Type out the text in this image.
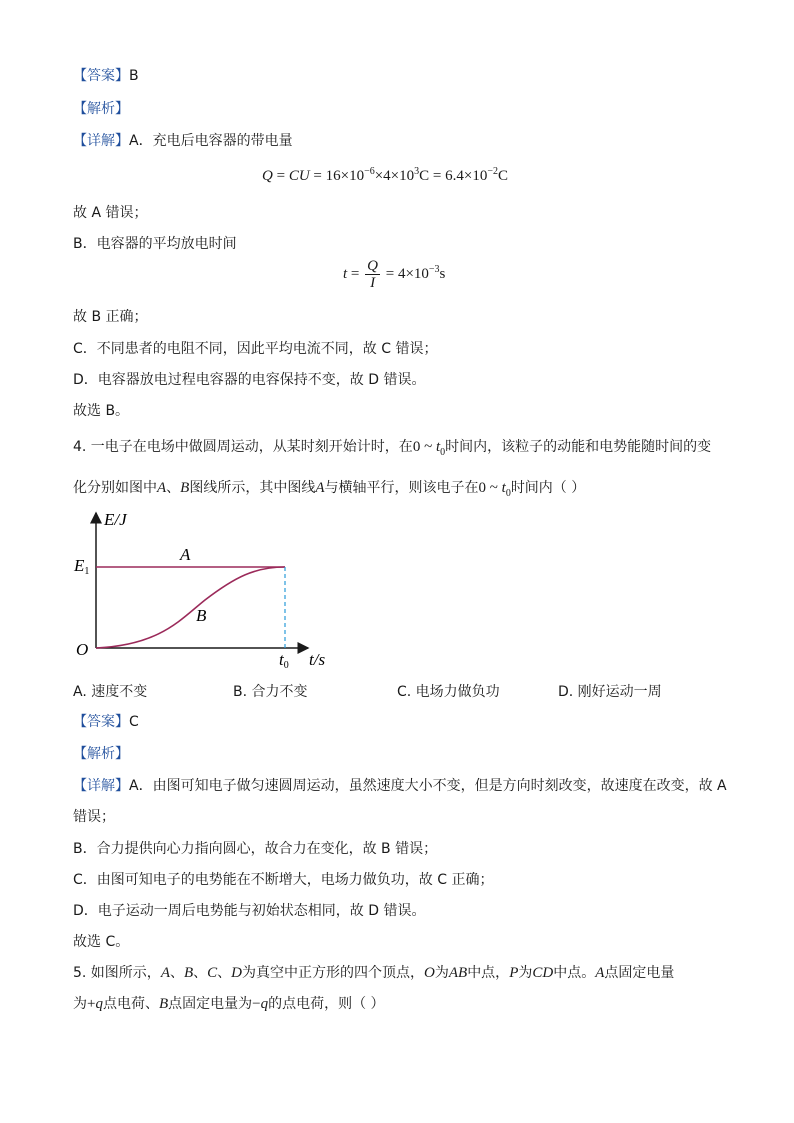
【答案】B
【解析】
【详解】A．充电后电容器的带电量
Q = CU = $16\times 10^{-6}\times 4\times 10^3C = 6.4\times 10^{-2}C$
故 A 错误；
B．电容器的平均放电时间
$t = \frac{Q}{I} = 4\times 10^{-3}s$
故 B 正确；
C．不同患者的电阻不同，因此平均电流不同，故 C 错误；
D．电容器放电过程电容器的电容保持不变，故 D 错误。
故选 B。
4. 一电子在电场中做圆周运动，从某时刻开始计时，在0 ~ $t_0$时间内，该粒子的动能和电势能随时间的变
化分别如图中A、B图线所示，其中图线A与横轴平行，则该电子在0 ~ $t_0$时间内（ ）
E/J
t/s
O
E1
t0
A
B
A. 速度不变	B. 合力不变	C. 电场力做负功	D. 刚好运动一周
【答案】C
【解析】
【详解】A．由图可知电子做匀速圆周运动，虽然速度大小不变，但是方向时刻改变，故速度在改变，故 A
错误；
B．合力提供向心力指向圆心，故合力在变化，故 B 错误；
C．由图可知电子的电势能在不断增大，电场力做负功，故 C 正确；
D．电子运动一周后电势能与初始状态相同，故 D 错误。
故选 C。
5. 如图所示，A、B、C、D为真空中正方形的四个顶点，O为AB中点，P为CD中点。A点固定电量
为+q点电荷、B点固定电量为−q的点电荷，则（ ）
